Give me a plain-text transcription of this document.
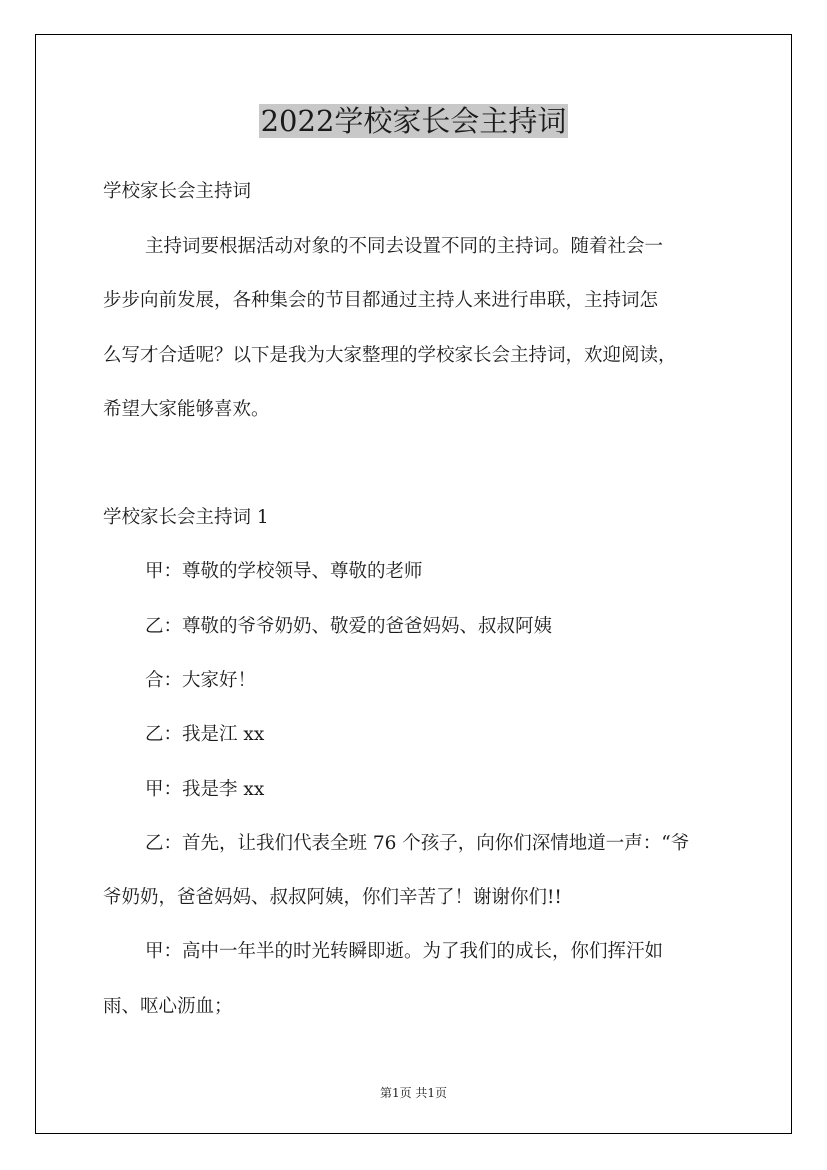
2022学校家长会主持词
学校家长会主持词
主持词要根据活动对象的不同去设置不同的主持词。随着社会一
步步向前发展，各种集会的节目都通过主持人来进行串联，主持词怎
么写才合适呢？以下是我为大家整理的学校家长会主持词，欢迎阅读，
希望大家能够喜欢。
学校家长会主持词 1
甲：尊敬的学校领导、尊敬的老师
乙：尊敬的爷爷奶奶、敬爱的爸爸妈妈、叔叔阿姨
合：大家好！
乙：我是江 xx
甲：我是李 xx
乙：首先，让我们代表全班 76 个孩子，向你们深情地道一声：“爷
爷奶奶，爸爸妈妈、叔叔阿姨，你们辛苦了！谢谢你们!!
甲：高中一年半的时光转瞬即逝。为了我们的成长，你们挥汗如
雨、呕心沥血；
第1页 共1页
